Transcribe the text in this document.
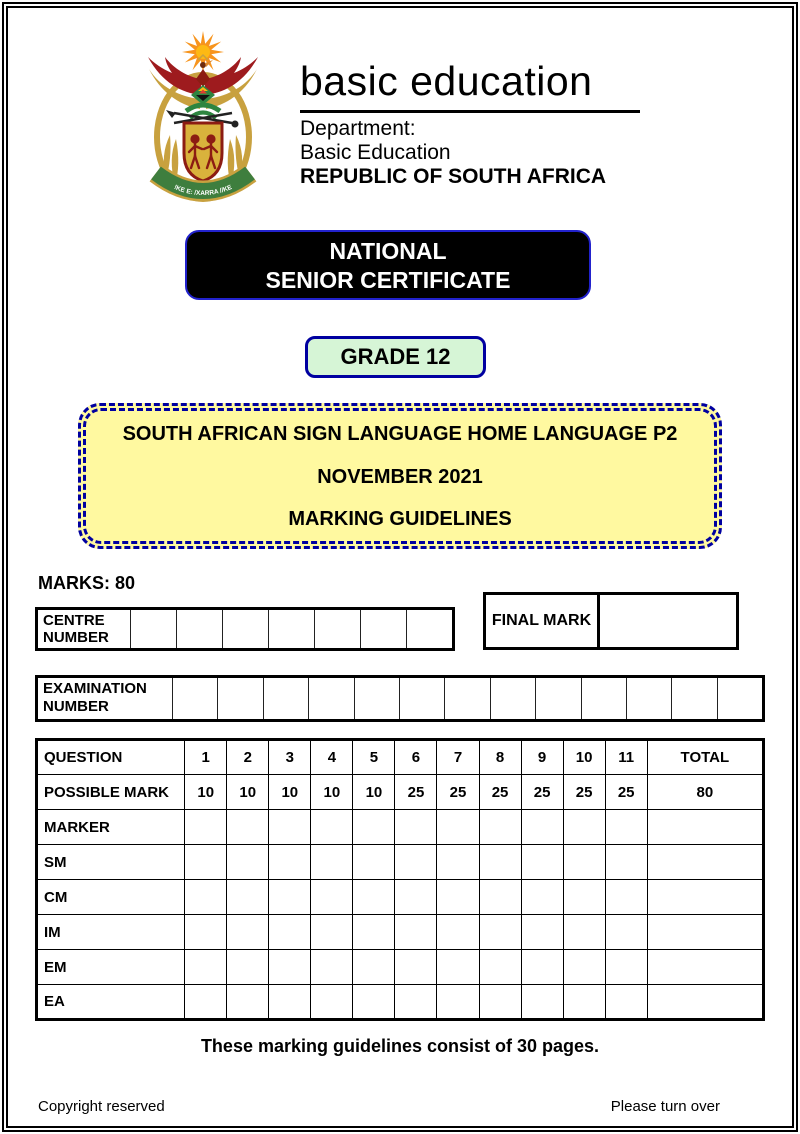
!KE E: /XARRA //KE
basic education
Department:
Basic Education
REPUBLIC OF SOUTH AFRICA
NATIONAL
SENIOR CERTIFICATE
GRADE 12
SOUTH AFRICAN SIGN LANGUAGE HOME LANGUAGE P2
NOVEMBER 2021
MARKING GUIDELINES
MARKS: 80
CENTRE
NUMBER
FINAL MARK
EXAMINATION
NUMBER
QUESTION	1	2	3	4	5	6	7	8	9	10	11	TOTAL
POSSIBLE MARK	10	10	10	10	10	25	25	25	25	25	25	80
MARKER												
SM												
CM												
IM												
EM												
EA												
These marking guidelines consist of 30 pages.
Copyright reserved	Please turn over
